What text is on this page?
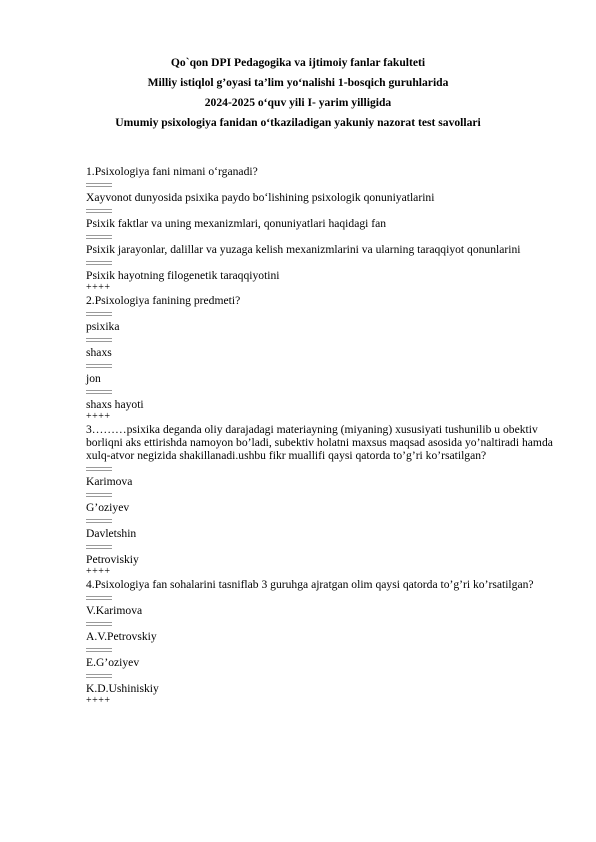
Qo`qon DPI Pedagogika va ijtimoiy fanlar fakulteti
Milliy istiqlol g’oyasi ta’lim yo‘nalishi 1-bosqich guruhlarida
2024-2025 o‘quv yili I- yarim yilligida
Umumiy psixologiya fanidan o‘tkaziladigan yakuniy nazorat test savollari
1.Psixologiya fani nimani o‘rganadi?
Xayvonot dunyosida psixika paydo bo‘lishining psixologik qonuniyatlarini
Psixik faktlar va uning mexanizmlari, qonuniyatlari haqidagi fan
Psixik jarayonlar, dalillar va yuzaga kelish mexanizmlarini va ularning taraqqiyot qonunlarini
Psixik hayotning filogenetik taraqqiyotini
++++
2.Psixologiya fanining predmeti?
psixika
shaxs
jon
shaxs hayoti
++++
3………psixika deganda oliy darajadagi materiayning (miyaning) xususiyati tushunilib u obektiv borliqni aks ettirishda namoyon bo’ladi, subektiv holatni maxsus maqsad asosida yo’naltiradi hamda xulq-atvor negizida shakillanadi.ushbu fikr muallifi qaysi qatorda to’g’ri ko’rsatilgan?
Karimova
G’oziyev
Davletshin
Petroviskiy
++++
4.Psixologiya fan sohalarini tasniflab 3 guruhga ajratgan olim qaysi qatorda to’g’ri ko’rsatilgan?
V.Karimova
A.V.Petrovskiy
E.G’oziyev
K.D.Ushiniskiy
++++
